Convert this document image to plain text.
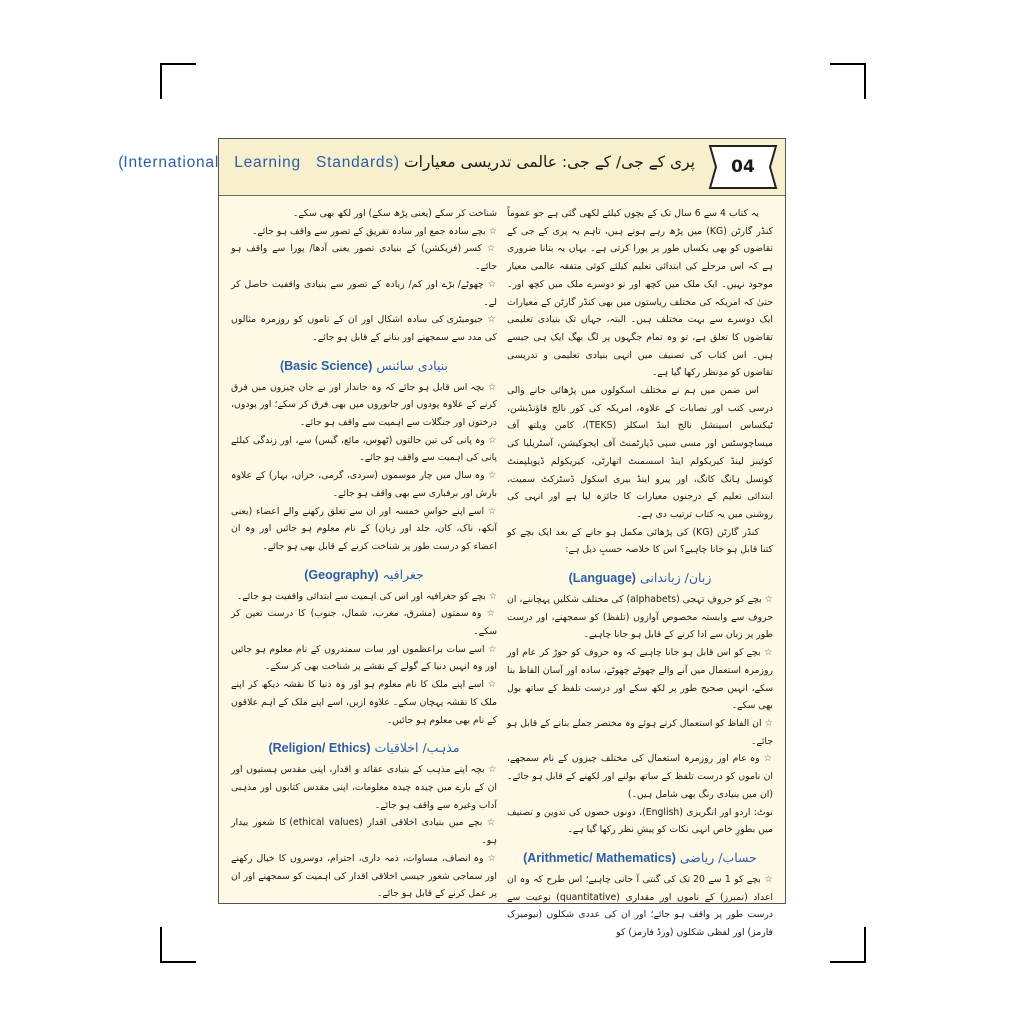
04
پری کے جی/ کے جی: عالمی تدریسی معیارات (International Learning Standards)

یہ کتاب 4 سے 6 سال تک کے بچوں کیلئے لکھی گئی ہے جو عموماً کنڈر گارٹن (KG) میں پڑھ رہے ہوتے ہیں، تاہم یہ پری کے جی کے تقاضوں کو بھی یکساں طور پر پورا کرتی ہے۔ یہاں یہ بتانا ضروری ہے کہ اس مرحلے کی ابتدائی تعلیم کیلئے کوئی متفقہ عالمی معیار موجود نہیں۔ ایک ملک میں کچھ اور تو دوسرے ملک میں کچھ اور۔ حتیٰ کہ امریکہ کی مختلف ریاستوں میں بھی کنڈر گارٹن کے معیارات ایک دوسرے سے بہت مختلف ہیں۔ البتہ، جہاں تک بنیادی تعلیمی تقاضوں کا تعلق ہے، تو وہ تمام جگہوں پر لگ بھگ ایک ہی جیسے ہیں۔ اس کتاب کی تصنیف میں انہی بنیادی تعلیمی و تدریسی تقاضوں کو مدِنظر رکھا گیا ہے۔

اس ضمن میں ہم نے مختلف اسکولوں میں پڑھائی جانے والی درسی کتب اور نصابات کے علاوہ، امریکہ کی کور نالج فاؤنڈیشن، ٹیکساس اسینشل نالج اینڈ اسکلز (TEKS)، کامن ویلتھ آف میساچوسٹس اور مسی سپی ڈپارٹمنٹ آف ایجوکیشن، آسٹریلیا کی کوئینز لینڈ کیریکولم اینڈ اسسمنٹ اتھارٹی، کیریکولم ڈیویلپمنٹ کونسل ہانگ کانگ، اور پیرو اینڈ بیری اسکول ڈسٹرکٹ سمیت، ابتدائی تعلیم کے درجنوں معیارات کا جائزہ لیا ہے اور انہی کی روشنی میں یہ کتاب ترتیب دی ہے۔

کنڈر گارٹن (KG) کی پڑھائی مکمل ہو جانے کے بعد ایک بچے کو کتنا قابل ہو جانا چاہیے؟ اس کا خلاصہ حسبِ ذیل ہے:

زبان/ زباندانی (Language)

☆ بچے کو حروفِ تہجی (alphabets) کی مختلف شکلیں پہچاننے، ان حروف سے وابستہ مخصوص آوازوں (تلفظ) کو سمجھنے، اور درست طور پر زبان سے ادا کرنے کے قابل ہو جانا چاہیے۔

☆ بچے کو اس قابل ہو جانا چاہیے کہ وہ حروف کو جوڑ کر عام اور روزمرہ استعمال میں آنے والے چھوٹے چھوٹے، سادہ اور آسان الفاظ بنا سکے، انہیں صحیح طور پر لکھ سکے اور درست تلفظ کے ساتھ بول بھی سکے۔

☆ ان الفاظ کو استعمال کرتے ہوئے وہ مختصر جملے بنانے کے قابل ہو جائے۔

☆ وہ عام اور روزمرہ استعمال کی مختلف چیزوں کے نام سمجھے، ان ناموں کو درست تلفظ کے ساتھ بولنے اور لکھنے کے قابل ہو جائے۔ (ان میں بنیادی رنگ بھی شامل ہیں۔)

نوٹ: اردو اور انگریزی (English)، دونوں حصوں کی تدوین و تصنیف میں بطورِ خاص انہی نکات کو پیشِ نظر رکھا گیا ہے۔

حساب/ ریاضی (Arithmetic/ Mathematics)

☆ بچے کو 1 سے 20 تک کی گنتی آ جانی چاہیے؛ اس طرح کہ وہ ان اعداد (نمبرز) کے ناموں اور مقداری (quantitative) نوعیت سے درست طور پر واقف ہو جائے؛ اور ان کی عددی شکلوں (نیومیرک فارمز) اور لفظی شکلوں (ورڈ فارمز) کو

شناخت کر سکے (یعنی پڑھ سکے) اور لکھ بھی سکے۔

☆ بچے سادہ جمع اور سادہ تفریق کے تصور سے واقف ہو جائے۔

☆ کسر (فریکشن) کے بنیادی تصور یعنی آدھا/ پورا سے واقف ہو جائے۔

☆ چھوٹے/ بڑے اور کم/ زیادہ کے تصور سے بنیادی واقفیت حاصل کر لے۔

☆ جیومیٹری کی سادہ اشکال اور ان کے ناموں کو روزمرہ مثالوں کی مدد سے سمجھنے اور بنانے کے قابل ہو جائے۔

بنیادی سائنس (Basic Science)

☆ بچہ اس قابل ہو جائے کہ وہ جاندار اور بے جان چیزوں میں فرق کرنے کے علاوہ پودوں اور جانوروں میں بھی فرق کر سکے؛ اور پودوں، درختوں اور جنگلات سے اہمیت سے واقف ہو جائے۔

☆ وہ پانی کی تین حالتوں (ٹھوس، مائع، گیس) سے، اور زندگی کیلئے پانی کی اہمیت سے واقف ہو جائے۔

☆ وہ سال میں چار موسموں (سردی، گرمی، خزاں، بہار) کے علاوہ بارش اور برفباری سے بھی واقف ہو جائے۔

☆ اسے اپنے حواسِ خمسہ اور ان سے تعلق رکھنے والے اعضاء (یعنی آنکھ، ناک، کان، جلد اور زبان) کے نام معلوم ہو جائیں اور وہ ان اعضاء کو درست طور پر شناخت کرنے کے قابل بھی ہو جائے۔

جغرافیہ (Geography)

☆ بچے کو جغرافیہ اور اس کی اہمیت سے ابتدائی واقفیت ہو جائے۔

☆ وہ سمتوں (مشرق، مغرب، شمال، جنوب) کا درست تعین کر سکے۔

☆ اسے سات براعظموں اور سات سمندروں کے نام معلوم ہو جائیں اور وہ انہیں دنیا کے گولے کے نقشے پر شناخت بھی کر سکے۔

☆ اسے اپنے ملک کا نام معلوم ہو اور وہ دنیا کا نقشہ دیکھ کر اپنے ملک کا نقشہ پہچان سکے۔ علاوہ ازیں، اسے اپنے ملک کے اہم علاقوں کے نام بھی معلوم ہو جائیں۔

مذہب/ اخلاقیات (Religion/ Ethics)

☆ بچہ اپنے مذہب کے بنیادی عقائد و اقدار، اپنی مقدس ہستیوں اور ان کے بارے میں چیدہ چیدہ معلومات، اپنی مقدس کتابوں اور مذہبی آداب وغیرہ سے واقف ہو جائے۔

☆ بچے میں بنیادی اخلاقی اقدار (ethical values) کا شعور بیدار ہو۔

☆ وہ انصاف، مساوات، ذمہ داری، احترام، دوسروں کا خیال رکھنے اور سماجی شعور جیسی اخلاقی اقدار کی اہمیت کو سمجھنے اور ان پر عمل کرنے کے قابل ہو جائے۔
